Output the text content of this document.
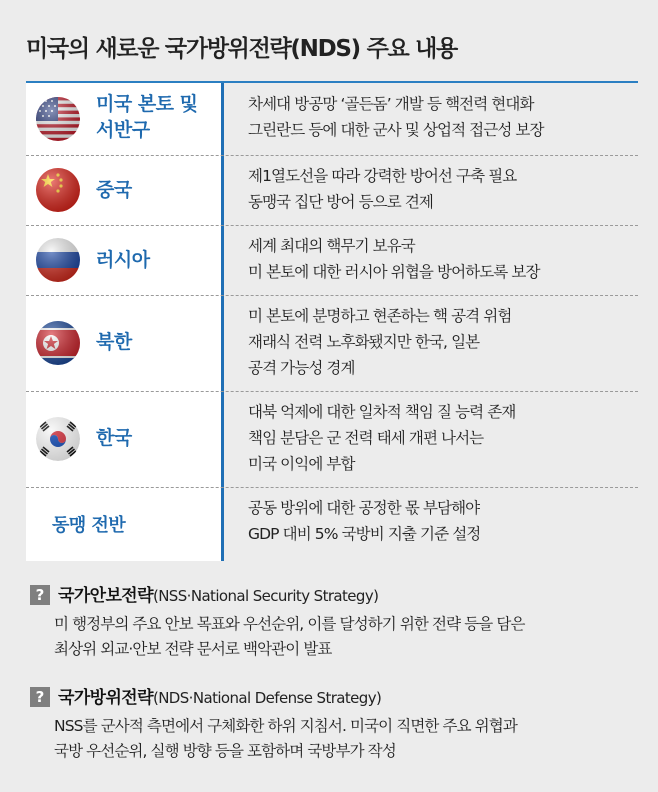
미국의 새로운 국가방위전략(NDS) 주요 내용
미국 본토 및
서반구
차세대 방공망 ‘골든돔’ 개발 등 핵전력 현대화
그린란드 등에 대한 군사 및 상업적 접근성 보장
중국
제1열도선을 따라 강력한 방어선 구축 필요
동맹국 집단 방어 등으로 견제
러시아
세계 최대의 핵무기 보유국
미 본토에 대한 러시아 위협을 방어하도록 보장
북한
미 본토에 분명하고 현존하는 핵 공격 위험
재래식 전력 노후화됐지만 한국, 일본
공격 가능성 경계
한국
대북 억제에 대한 일차적 책임 질 능력 존재
책임 분담은 군 전력 태세 개편 나서는
미국 이익에 부합
동맹 전반
공동 방위에 대한 공정한 몫 부담해야
GDP 대비 5% 국방비 지출 기준 설정
? 국가안보전략(NSS·National Security Strategy)
미 행정부의 주요 안보 목표와 우선순위, 이를 달성하기 위한 전략 등을 담은
최상위 외교·안보 전략 문서로 백악관이 발표
? 국가방위전략(NDS·National Defense Strategy)
NSS를 군사적 측면에서 구체화한 하위 지침서. 미국이 직면한 주요 위협과
국방 우선순위, 실행 방향 등을 포함하며 국방부가 작성
